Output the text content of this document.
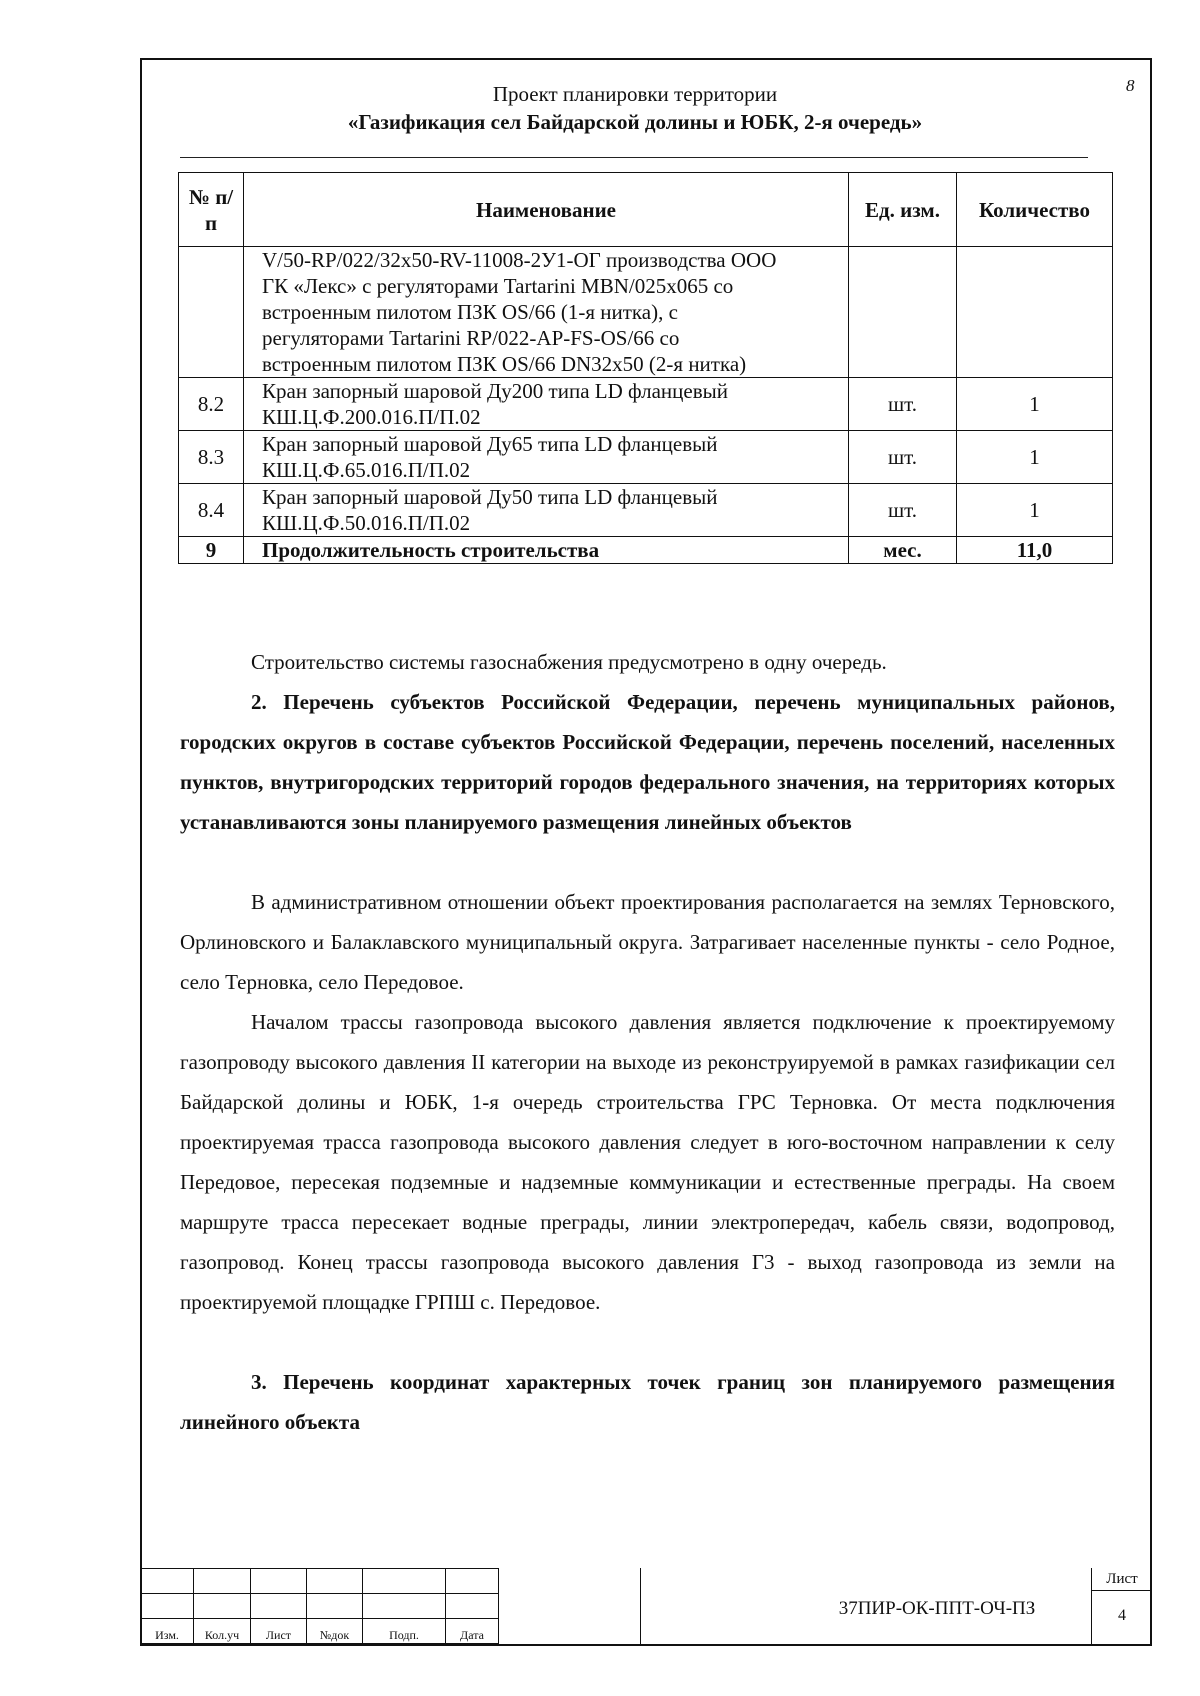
8
Проект планировки территории
«Газификация сел Байдарской долины и ЮБК, 2-я очередь»
№ п/п	Наименование	Ед. изм.	Количество

	V/50-RP/022/32x50-RV-11008-2У1-ОГ производства ООО
ГК «Лекс» с регуляторами Tartarini MBN/025x065 со
встроенным пилотом ПЗК OS/66 (1-я нитка), с
регуляторами Tartarini RP/022-AP-FS-OS/66 со
встроенным пилотом ПЗК OS/66 DN32x50 (2-я нитка)		

8.2	Кран запорный шаровой Ду200 типа LD фланцевый
КШ.Ц.Ф.200.016.П/П.02	шт.	1
8.3	Кран запорный шаровой Ду65 типа LD фланцевый
КШ.Ц.Ф.65.016.П/П.02	шт.	1
8.4	Кран запорный шаровой Ду50 типа LD фланцевый
КШ.Ц.Ф.50.016.П/П.02	шт.	1
9	Продолжительность строительства	мес.	11,0

Строительство системы газоснабжения предусмотрено в одну очередь.

2. Перечень субъектов Российской Федерации, перечень муниципальных районов, городских округов в составе субъектов Российской Федерации, перечень поселений, населенных пунктов, внутригородских территорий городов федерального значения, на территориях которых устанавливаются зоны планируемого размещения линейных объектов

В административном отношении объект проектирования располагается на землях Терновского, Орлиновского и Балаклавского муниципальный округа. Затрагивает населенные пункты - село Родное, село Терновка, село Передовое.

Началом трассы газопровода высокого давления является подключение к проектируемому газопроводу высокого давления II категории на выходе из реконструируемой в рамках газификации сел Байдарской долины и ЮБК, 1-я очередь строительства ГРС Терновка. От места подключения проектируемая трасса газопровода высокого давления следует в юго-восточном направлении к селу Передовое, пересекая подземные и надземные коммуникации и естественные преграды. На своем маршруте трасса пересекает водные преграды, линии электропередач, кабель связи, водопровод, газопровод. Конец трассы газопровода высокого давления Г3 - выход газопровода из земли на проектируемой площадке ГРПШ с. Передовое.

3. Перечень координат характерных точек границ зон планируемого размещения линейного объекта

Изм.	Кол.уч	Лист	№док	Подп.	Дата
37ПИР-ОК-ППТ-ОЧ-ПЗ
Лист
4
